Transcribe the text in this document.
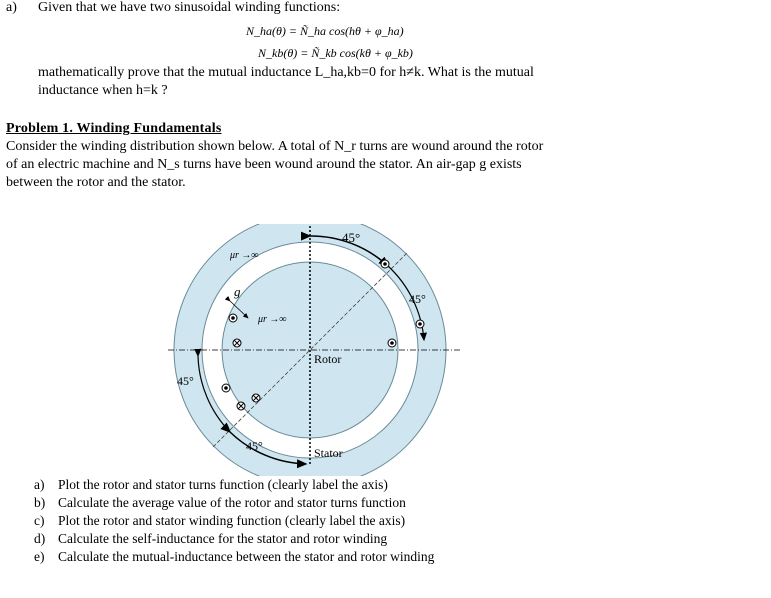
a) Given that we have two sinusoidal winding functions:
N_ha(θ) = Ñ_ha cos(hθ + φ_ha)
N_kb(θ) = Ñ_kb cos(kθ + φ_kb)
mathematically prove that the mutual inductance L_ha,kb=0 for h≠k. What is the mutual
inductance when h=k ?
Problem 1. Winding Fundamentals
Consider the winding distribution shown below. A total of N_r turns are wound around the rotor
of an electric machine and N_s turns have been wound around the stator. An air-gap g exists
between the rotor and the stator.
45°
45°
45°
45°
μr →∞
μr →∞
g
Rotor
Stator
a) Plot the rotor and stator turns function (clearly label the axis)
b) Calculate the average value of the rotor and stator turns function
c) Plot the rotor and stator winding function (clearly label the axis)
d) Calculate the self-inductance for the stator and rotor winding
e) Calculate the mutual-inductance between the stator and rotor winding
